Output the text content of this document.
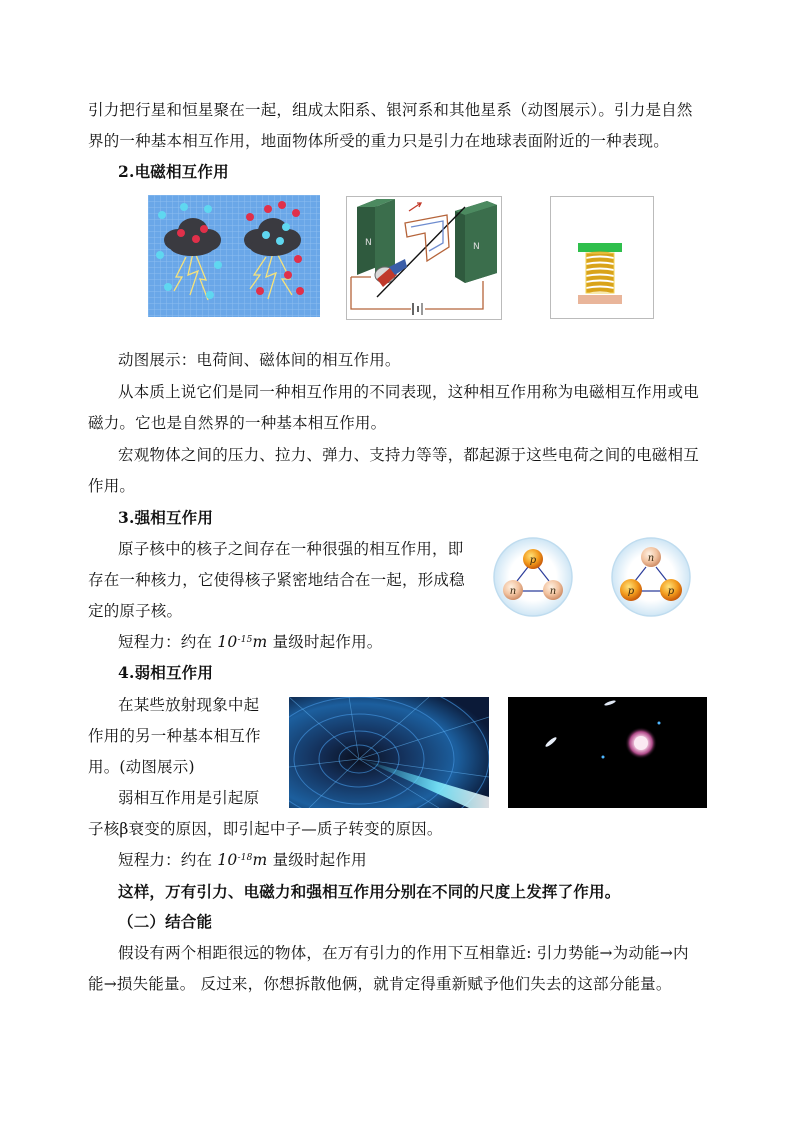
引力把行星和恒星聚在一起，组成太阳系、银河系和其他星系（动图展示）。引力是自然
界的一种基本相互作用，地面物体所受的重力只是引力在地球表面附近的一种表现。
2.电磁相互作用
N	N
动图展示：电荷间、磁体间的相互作用。
从本质上说它们是同一种相互作用的不同表现，这种相互作用称为电磁相互作用或电
磁力。它也是自然界的一种基本相互作用。
宏观物体之间的压力、拉力、弹力、支持力等等，都起源于这些电荷之间的电磁相互
作用。
3.强相互作用
原子核中的核子之间存在一种很强的相互作用，即
存在一种核力，它使得核子紧密地结合在一起，形成稳
定的原子核。
短程力：约在 $10^{-15}m$ 量级时起作用。
p
n	n
n
p	p
4.弱相互作用
在某些放射现象中起
作用的另一种基本相互作
用。(动图展示)
弱相互作用是引起原
子核β衰变的原因，即引起中子—质子转变的原因。
短程力：约在 $10^{-18}m$ 量级时起作用
这样，万有引力、电磁力和强相互作用分别在不同的尺度上发挥了作用。
（二）结合能
假设有两个相距很远的物体，在万有引力的作用下互相靠近: 引力势能→为动能→内
能→损失能量。 反过来，你想拆散他俩，就肯定得重新赋予他们失去的这部分能量。
